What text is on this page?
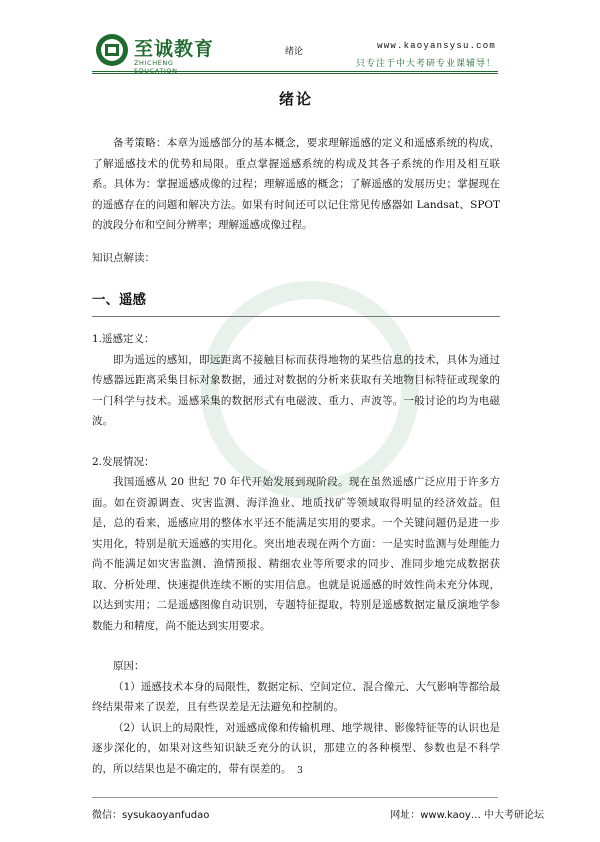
至诚教育
ZHICHENG EDUCATION
绪论
www.kaoyansysu.com
只专注于中大考研专业课辅导！
绪论

备考策略：本章为遥感部分的基本概念，要求理解遥感的定义和遥感系统的构成，了解遥感技术的优势和局限。重点掌握遥感系统的构成及其各子系统的作用及相互联系。具体为：掌握遥感成像的过程；理解遥感的概念；了解遥感的发展历史；掌握现在的遥感存在的问题和解决方法。如果有时间还可以记住常见传感器如 Landsat、SPOT 的波段分布和空间分辨率；理解遥感成像过程。

知识点解读：

一、遥感

1.遥感定义：

即为遥远的感知，即远距离不接触目标而获得地物的某些信息的技术，具体为通过传感器远距离采集目标对象数据，通过对数据的分析来获取有关地物目标特征或现象的一门科学与技术。遥感采集的数据形式有电磁波、重力、声波等。一般讨论的均为电磁波。

2.发展情况：

我国遥感从 20 世纪 70 年代开始发展到现阶段。现在虽然遥感广泛应用于许多方面。如在资源调查、灾害监测、海洋渔业、地质找矿等领域取得明显的经济效益。但是，总的看来，遥感应用的整体水平还不能满足实用的要求。一个关键问题仍是进一步实用化，特别是航天遥感的实用化。突出地表现在两个方面：一是实时监测与处理能力尚不能满足如灾害监测、渔情预报、精细农业等所要求的同步、准同步地完成数据获取、分析处理、快速提供连续不断的实用信息。也就是说遥感的时效性尚未充分体现，以达到实用；二是遥感图像自动识别，专题特征提取，特别是遥感数据定量反演地学参数能力和精度，尚不能达到实用要求。

原因：

（1）遥感技术本身的局限性，数据定标、空间定位、混合像元、大气影响等都给最终结果带来了误差，且有些误差是无法避免和控制的。

（2）认识上的局限性，对遥感成像和传输机理、地学规律、影像特征等的认识也是逐步深化的，如果对这些知识缺乏充分的认识，那建立的各种模型、参数也是不科学的，所以结果也是不确定的，带有误差的。 3
微信：sysukaoyanfudao	网址：www.kaoy… 中大考研论坛
